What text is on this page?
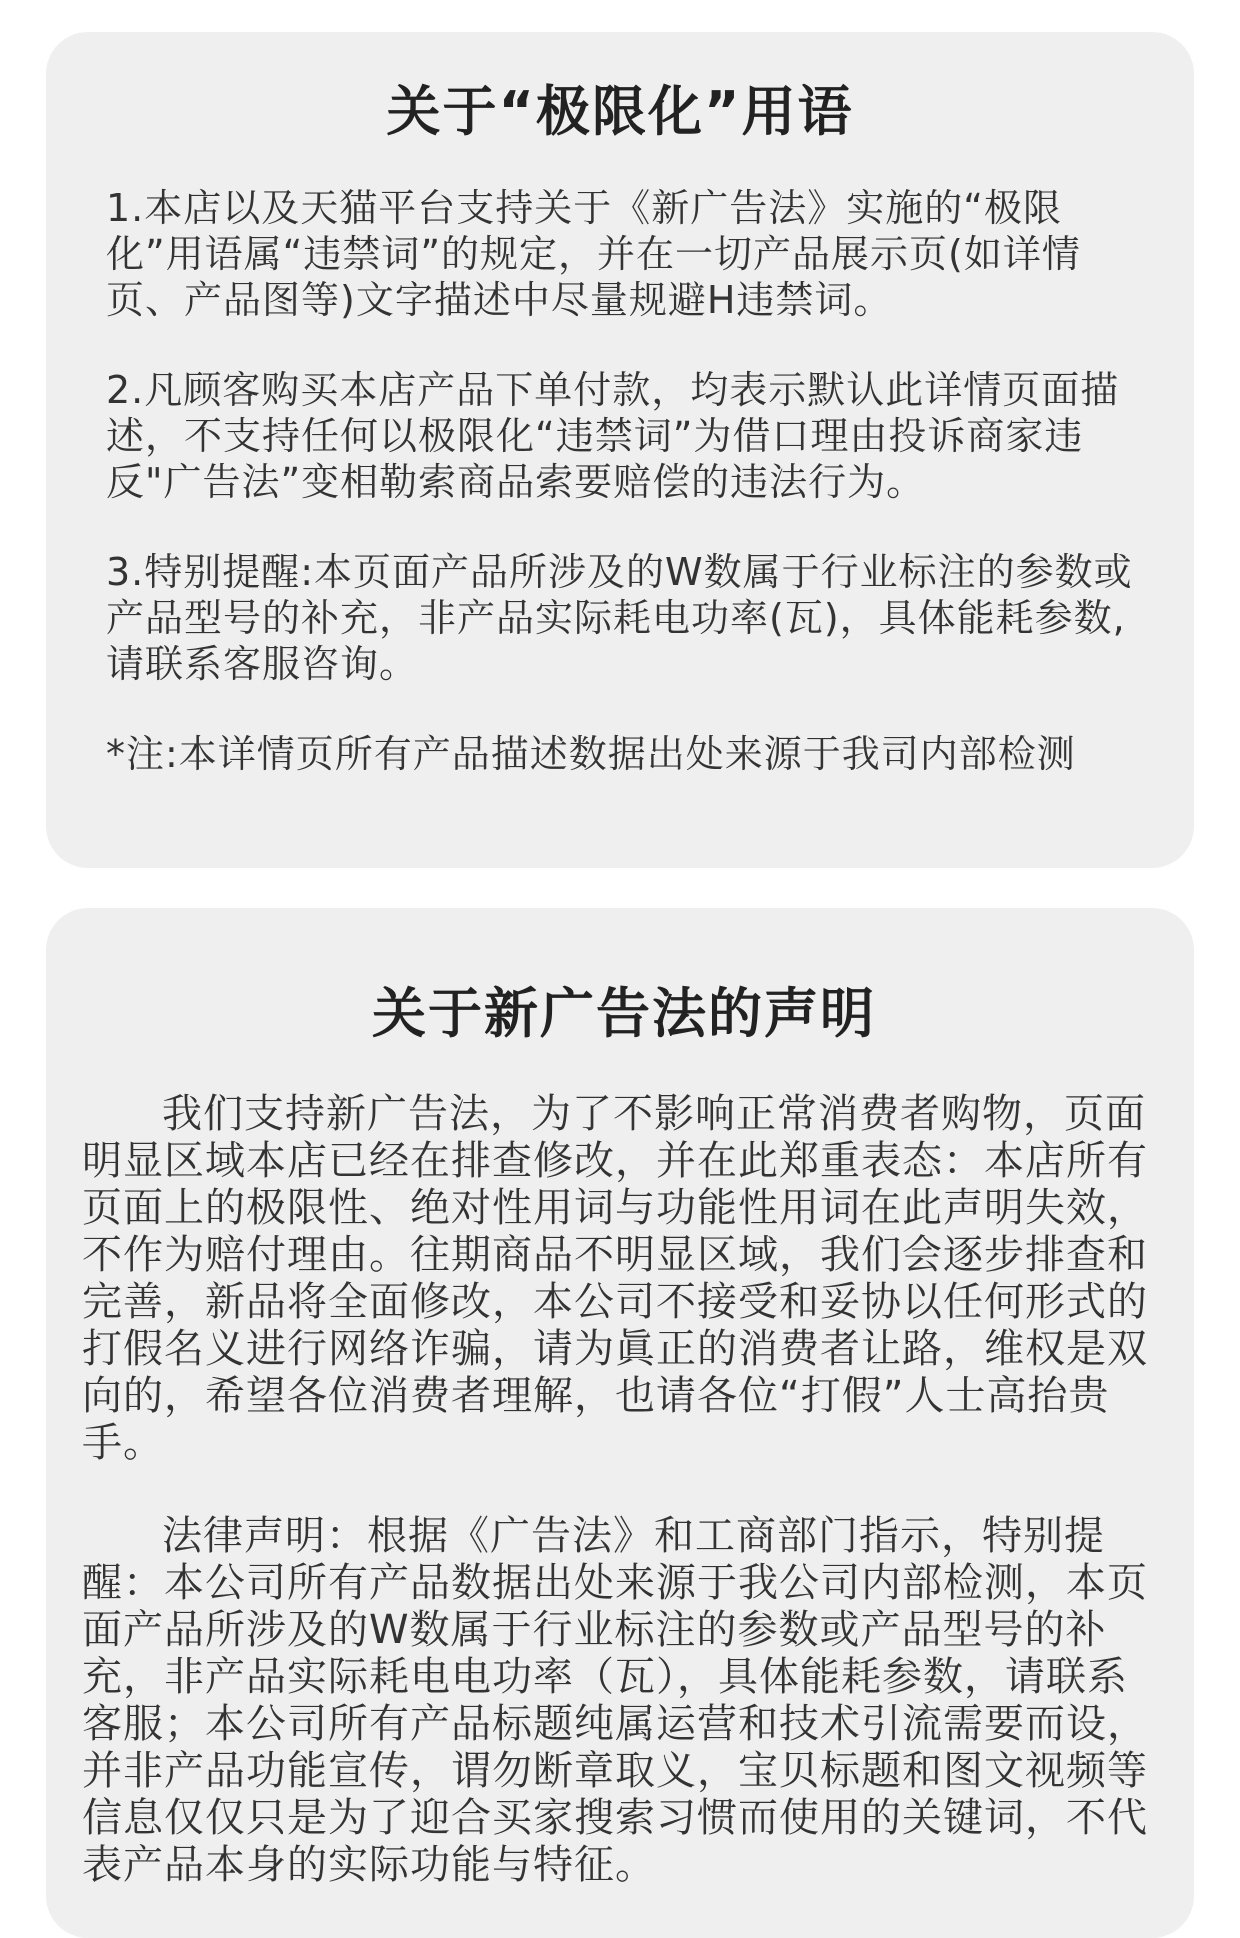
关于“极限化”用语

1.本店以及天猫平台支持关于《新广告法》实施的“极限化”用语属“违禁词”的规定，并在一切产品展示页(如详情页、产品图等)文字描述中尽量规避H违禁词。

2.凡顾客购买本店产品下单付款，均表示默认此详情页面描述，不支持任何以极限化“违禁词”为借口理由投诉商家违反"广告法”变相勒索商品索要赔偿的违法行为。

3.特别提醒:本页面产品所涉及的W数属于行业标注的参数或产品型号的补充，非产品实际耗电功率(瓦)，具体能耗参数,请联系客服咨询。

*注:本详情页所有产品描述数据出处来源于我司内部检测

关于新广告法的声明

我们支持新广告法，为了不影响正常消费者购物，页面明显区域本店已经在排查修改，并在此郑重表态：本店所有页面上的极限性、绝对性用词与功能性用词在此声明失效，不作为赔付理由。往期商品不明显区域，我们会逐步排查和完善，新品将全面修改，本公司不接受和妥协以任何形式的打假名义进行网络诈骗，请为眞正的消费者让路，维权是双向的，希望各位消费者理解，也请各位“打假”人士高抬贵手。

法律声明：根据《广告法》和工商部门指示，特别提醒：本公司所有产品数据出处来源于我公司内部检测，本页面产品所涉及的W数属于行业标注的参数或产品型号的补充，非产品实际耗电电功率（瓦），具体能耗参数，请联系客服；本公司所有产品标题纯属运营和技术引流需要而设，并非产品功能宣传，谓勿断章取义，宝贝标题和图文视频等信息仅仅只是为了迎合买家搜索习惯而使用的关键词，不代表产品本身的实际功能与特征。
